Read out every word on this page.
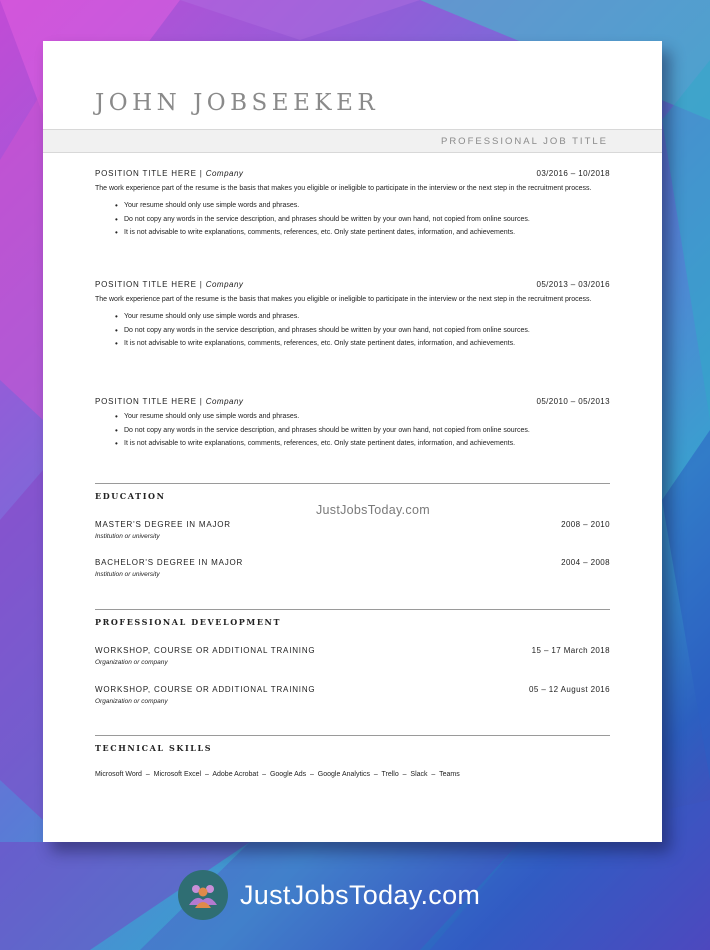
JOHN JOBSEEKER
PROFESSIONAL JOB TITLE
POSITION TITLE HERE | Company	03/2016 – 10/2018
The work experience part of the resume is the basis that makes you eligible or ineligible to participate in the interview or the next step in the recruitment process.
• Your resume should only use simple words and phrases.
• Do not copy any words in the service description, and phrases should be written by your own hand, not copied from online sources.
• It is not advisable to write explanations, comments, references, etc. Only state pertinent dates, information, and achievements.
POSITION TITLE HERE | Company	05/2013 – 03/2016
The work experience part of the resume is the basis that makes you eligible or ineligible to participate in the interview or the next step in the recruitment process.
• Your resume should only use simple words and phrases.
• Do not copy any words in the service description, and phrases should be written by your own hand, not copied from online sources.
• It is not advisable to write explanations, comments, references, etc. Only state pertinent dates, information, and achievements.
POSITION TITLE HERE | Company	05/2010 – 05/2013
• Your resume should only use simple words and phrases.
• Do not copy any words in the service description, and phrases should be written by your own hand, not copied from online sources.
• It is not advisable to write explanations, comments, references, etc. Only state pertinent dates, information, and achievements.
EDUCATION
MASTER'S DEGREE IN MAJOR	2008 – 2010
Institution or university
BACHELOR'S DEGREE IN MAJOR	2004 – 2008
Institution or university
PROFESSIONAL DEVELOPMENT
WORKSHOP, COURSE OR ADDITIONAL TRAINING	15 – 17 March 2018
Organization or company
WORKSHOP, COURSE OR ADDITIONAL TRAINING	05 – 12 August 2016
Organization or company
TECHNICAL SKILLS
Microsoft Word  –  Microsoft Excel  –  Adobe Acrobat  –  Google Ads  –  Google Analytics  –  Trello  –  Slack  –  Teams
JustJobsToday.com
JustJobsToday.com
